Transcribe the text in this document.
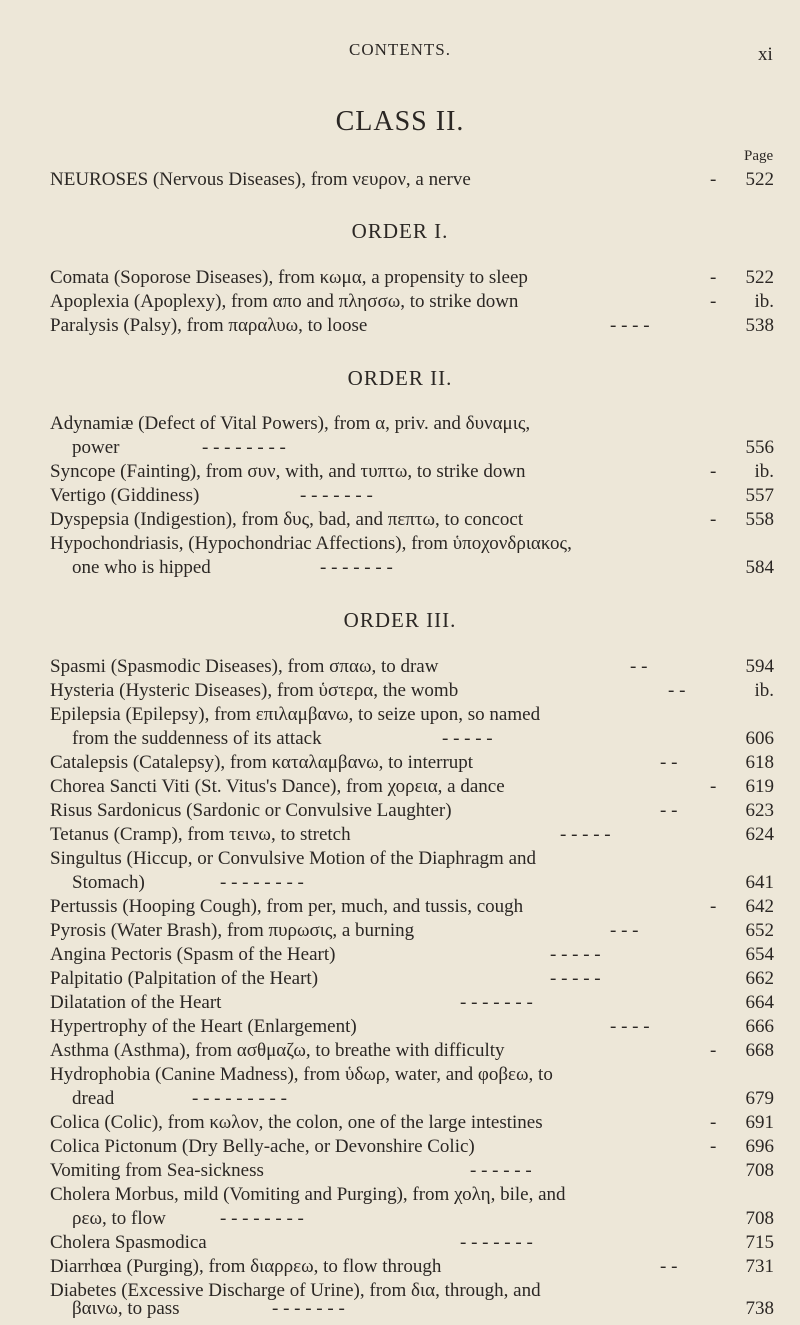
CONTENTS.	xi
CLASS II.
Page
NEUROSES (Nervous Diseases), from νευρον, a nerve	-	522
ORDER I.
Comata (Soporose Diseases), from κωμα, a propensity to sleep	-	522
Apoplexia (Apoplexy), from απο and πλησσω, to strike down	-	ib.
Paralysis (Palsy), from παραλυω, to loose	- - - -	538
ORDER II.
Adynamiæ (Defect of Vital Powers), from α, priv. and δυναμις,
power	- - - - - - - -	556
Syncope (Fainting), from συν, with, and τυπτω, to strike down	-	ib.
Vertigo (Giddiness)	- - - - - - -	557
Dyspepsia (Indigestion), from δυς, bad, and πεπτω, to concoct	-	558
Hypochondriasis, (Hypochondriac Affections), from ὑποχονδριακος,
one who is hipped	- - - - - - -	584
ORDER III.
Spasmi (Spasmodic Diseases), from σπαω, to draw	- -	594
Hysteria (Hysteric Diseases), from ὑστερα, the womb	- -	ib.
Epilepsia (Epilepsy), from επιλαμβανω, to seize upon, so named
from the suddenness of its attack	- - - - -	606
Catalepsis (Catalepsy), from καταλαμβανω, to interrupt	- -	618
Chorea Sancti Viti (St. Vitus's Dance), from χορεια, a dance	-	619
Risus Sardonicus (Sardonic or Convulsive Laughter)	- -	623
Tetanus (Cramp), from τεινω, to stretch	- - - - -	624
Singultus (Hiccup, or Convulsive Motion of the Diaphragm and
Stomach)	- - - - - - - -	641
Pertussis (Hooping Cough), from per, much, and tussis, cough	-	642
Pyrosis (Water Brash), from πυρωσις, a burning	- - -	652
Angina Pectoris (Spasm of the Heart)	- - - - -	654
Palpitatio (Palpitation of the Heart)	- - - - -	662
Dilatation of the Heart	- - - - - - -	664
Hypertrophy of the Heart (Enlargement)	- - - -	666
Asthma (Asthma), from ασθμαζω, to breathe with difficulty	-	668
Hydrophobia (Canine Madness), from ὑδωρ, water, and φοβεω, to
dread	- - - - - - - - -	679
Colica (Colic), from κωλον, the colon, one of the large intestines	-	691
Colica Pictonum (Dry Belly-ache, or Devonshire Colic)	-	696
Vomiting from Sea-sickness	- - - - - -	708
Cholera Morbus, mild (Vomiting and Purging), from χολη, bile, and
ρεω, to flow	- - - - - - - -	708
Cholera Spasmodica	- - - - - - -	715
Diarrhœa (Purging), from διαρρεω, to flow through	- -	731
Diabetes (Excessive Discharge of Urine), from δια, through, and
βαινω, to pass	- - - - - - -	738
